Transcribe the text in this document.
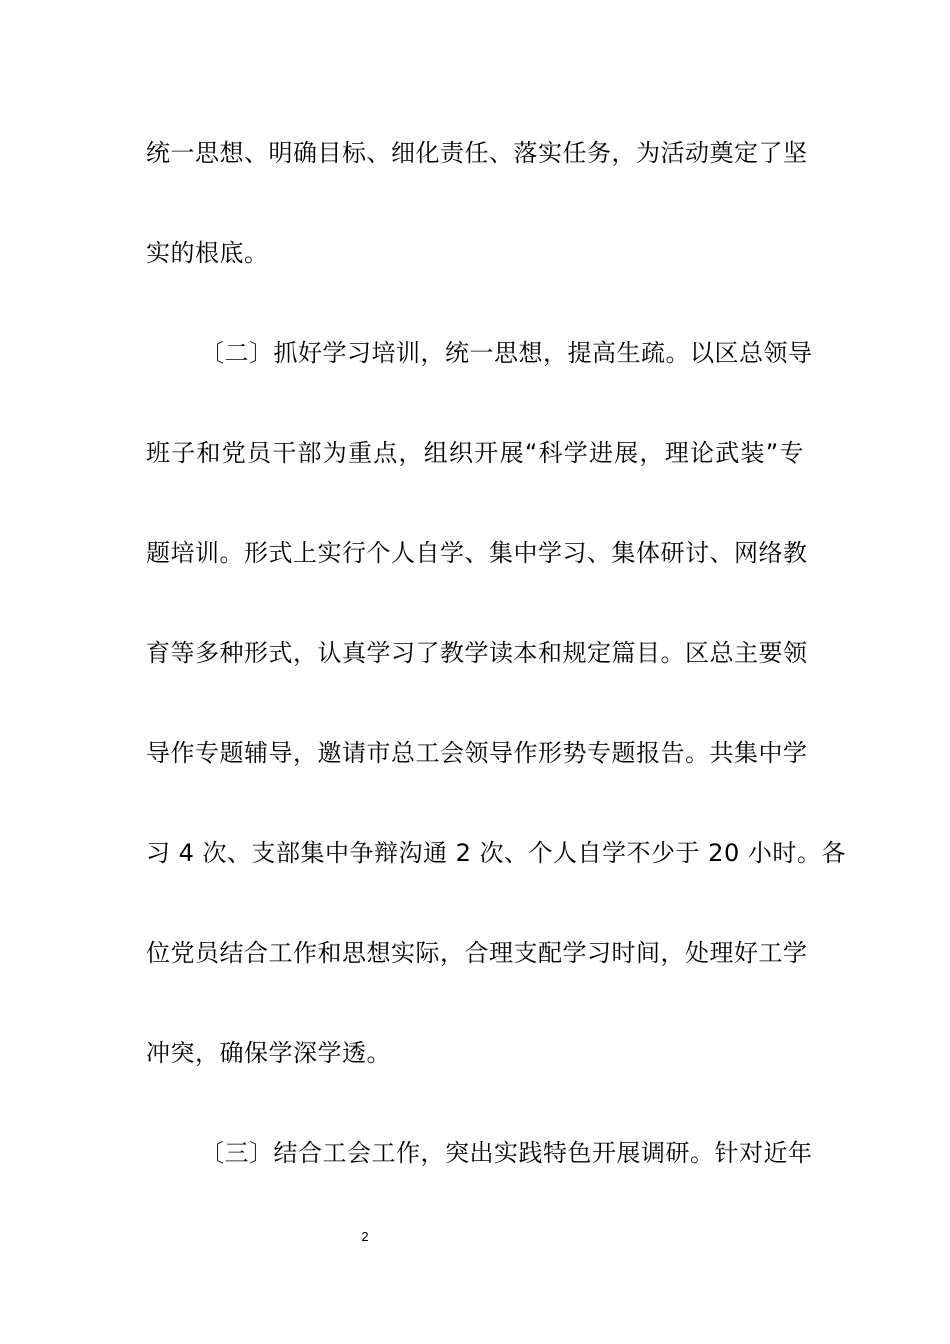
统一思想、明确目标、细化责任、落实任务，为活动奠定了坚
实的根底。
〔二〕抓好学习培训，统一思想，提高生疏。以区总领导
班子和党员干部为重点，组织开展“科学进展，理论武装”专
题培训。形式上实行个人自学、集中学习、集体研讨、网络教
育等多种形式，认真学习了教学读本和规定篇目。区总主要领
导作专题辅导，邀请市总工会领导作形势专题报告。共集中学
习 4 次、支部集中争辩沟通 2 次、个人自学不少于 20 小时。各
位党员结合工作和思想实际，合理支配学习时间，处理好工学
冲突，确保学深学透。
〔三〕结合工会工作，突出实践特色开展调研。针对近年
2
